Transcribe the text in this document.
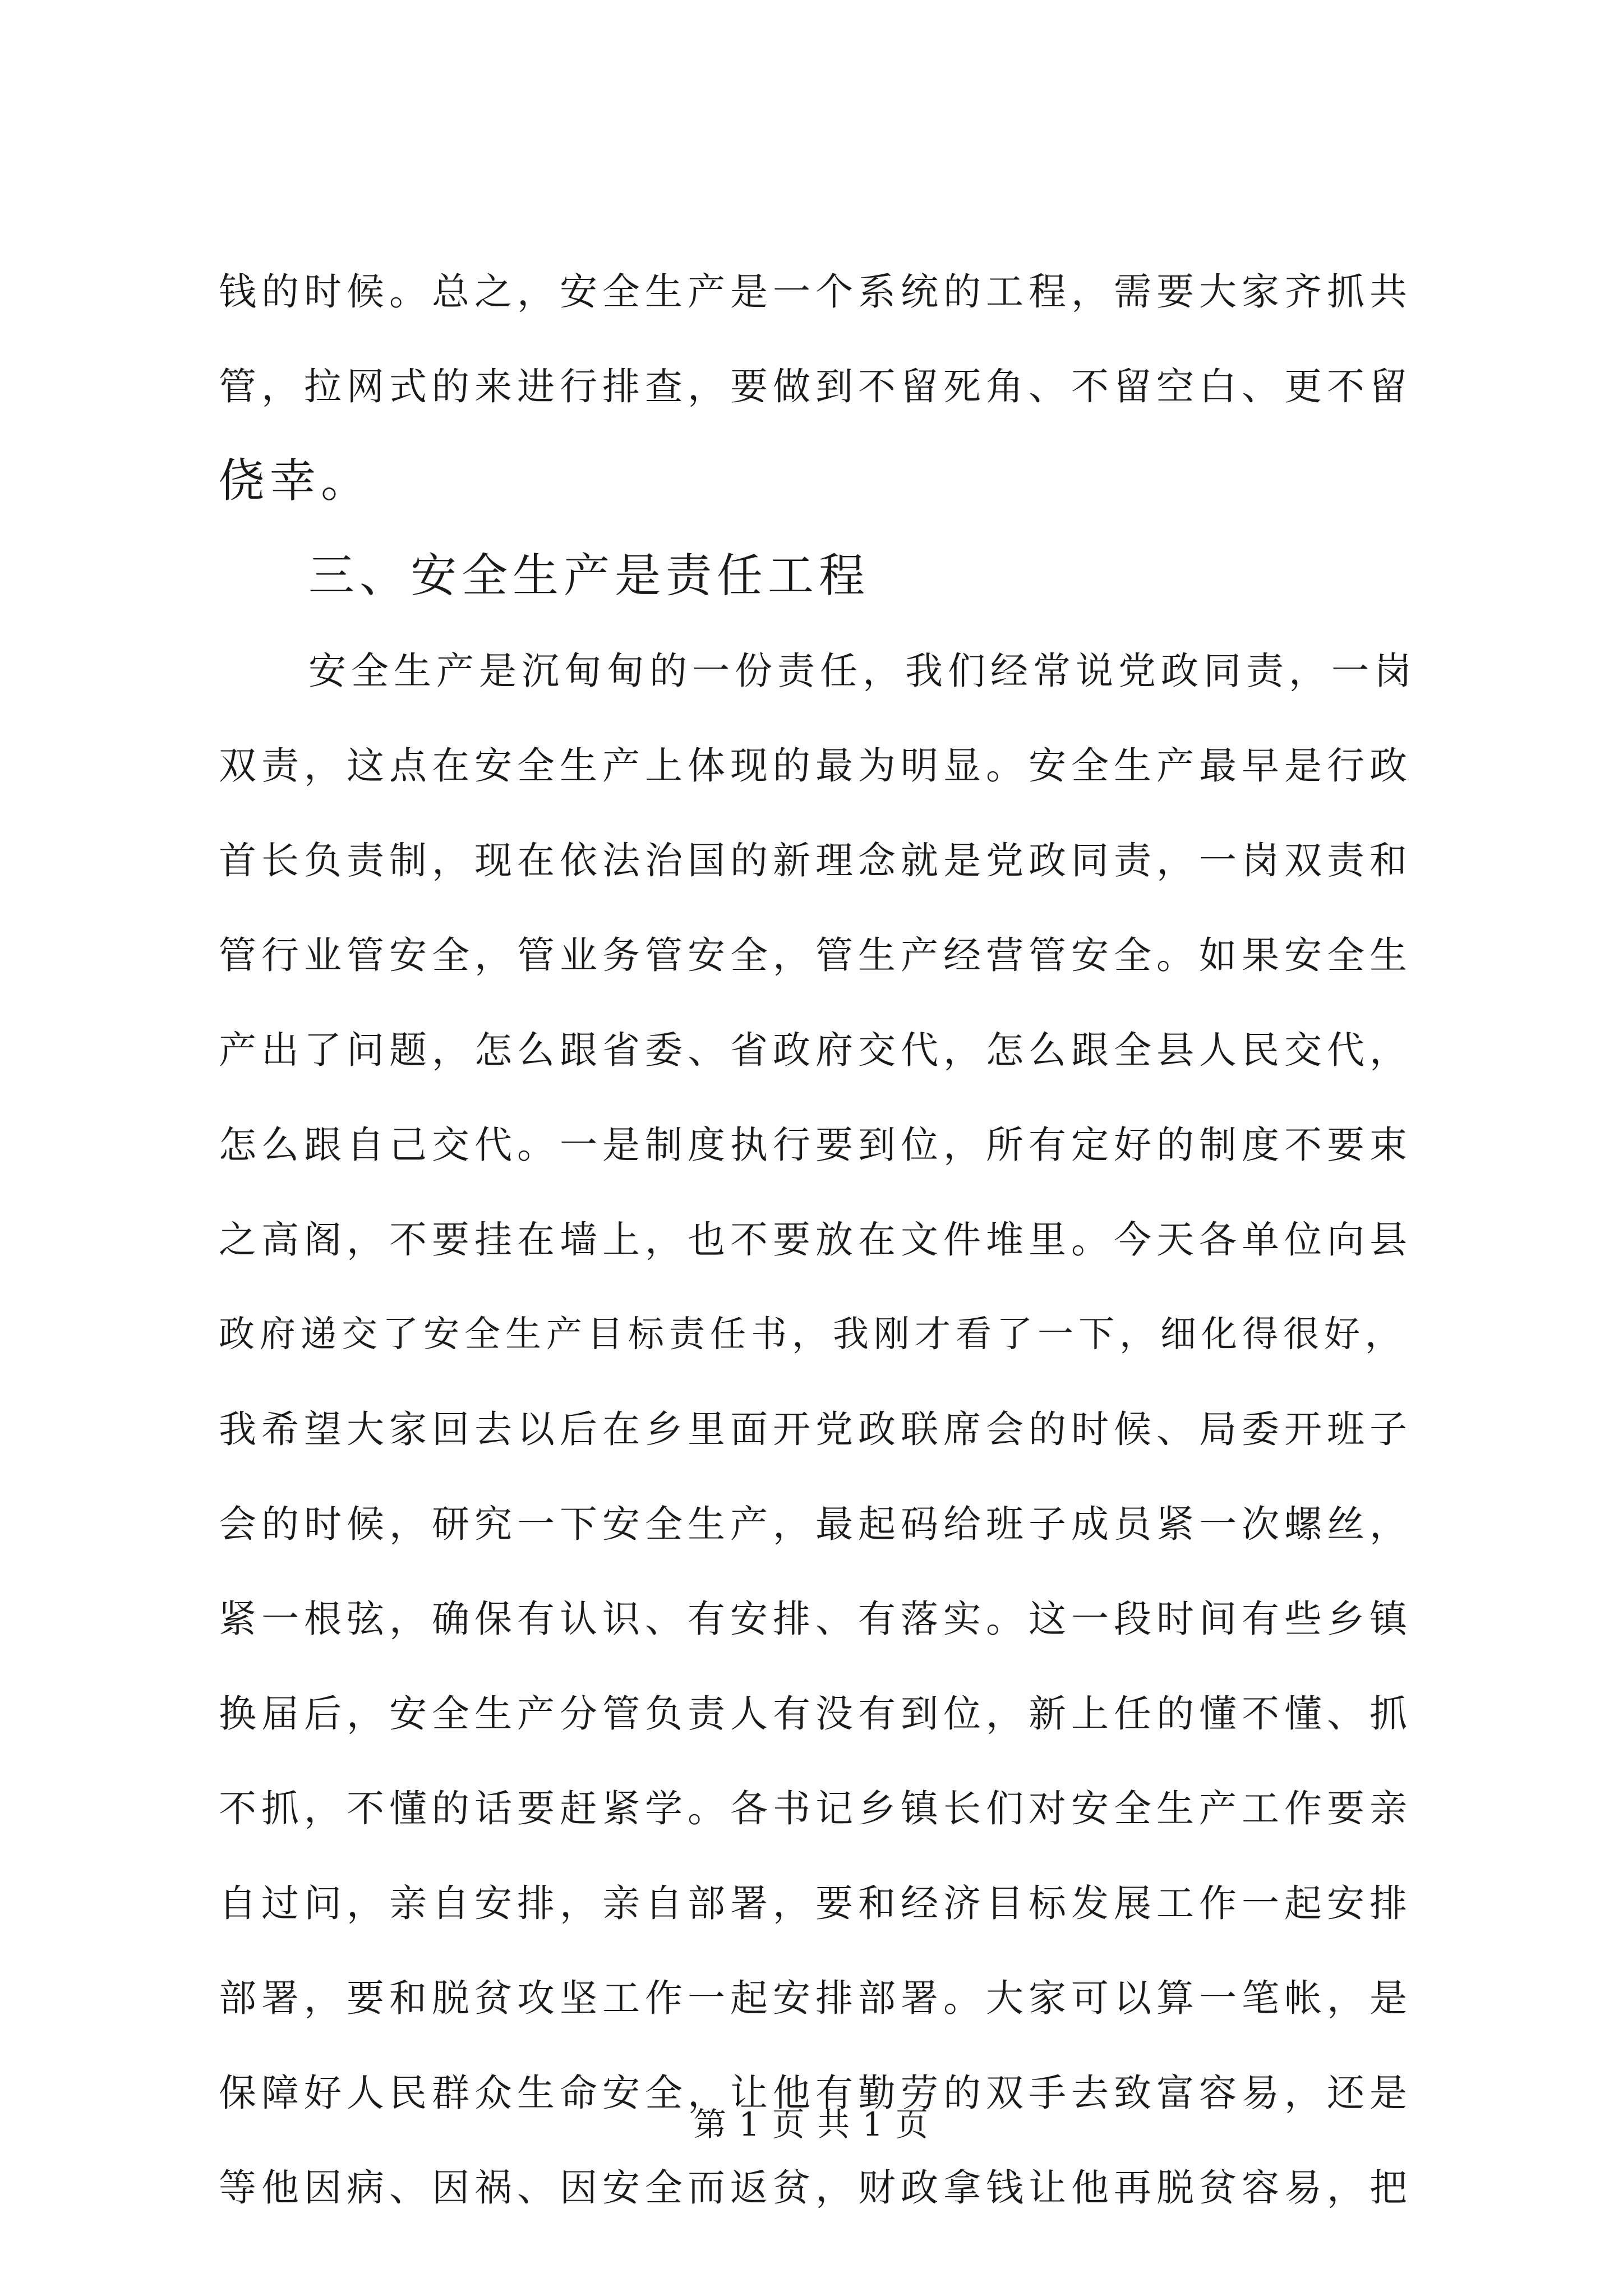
钱的时候。总之，安全生产是一个系统的工程，需要大家齐抓共
管，拉网式的来进行排查，要做到不留死角、不留空白、更不留
侥幸。
三、安全生产是责任工程
安全生产是沉甸甸的一份责任，我们经常说党政同责，一岗
双责，这点在安全生产上体现的最为明显。安全生产最早是行政
首长负责制，现在依法治国的新理念就是党政同责，一岗双责和
管行业管安全，管业务管安全，管生产经营管安全。如果安全生
产出了问题，怎么跟省委、省政府交代，怎么跟全县人民交代，
怎么跟自己交代。一是制度执行要到位，所有定好的制度不要束
之高阁，不要挂在墙上，也不要放在文件堆里。今天各单位向县
政府递交了安全生产目标责任书，我刚才看了一下，细化得很好，
我希望大家回去以后在乡里面开党政联席会的时候、局委开班子
会的时候，研究一下安全生产，最起码给班子成员紧一次螺丝，
紧一根弦，确保有认识、有安排、有落实。这一段时间有些乡镇
换届后，安全生产分管负责人有没有到位，新上任的懂不懂、抓
不抓，不懂的话要赶紧学。各书记乡镇长们对安全生产工作要亲
自过问，亲自安排，亲自部署，要和经济目标发展工作一起安排
部署，要和脱贫攻坚工作一起安排部署。大家可以算一笔帐，是
保障好人民群众生命安全，让他有勤劳的双手去致富容易，还是
等他因病、因祸、因安全而返贫，财政拿钱让他再脱贫容易，把
第 1 页 共 1 页
